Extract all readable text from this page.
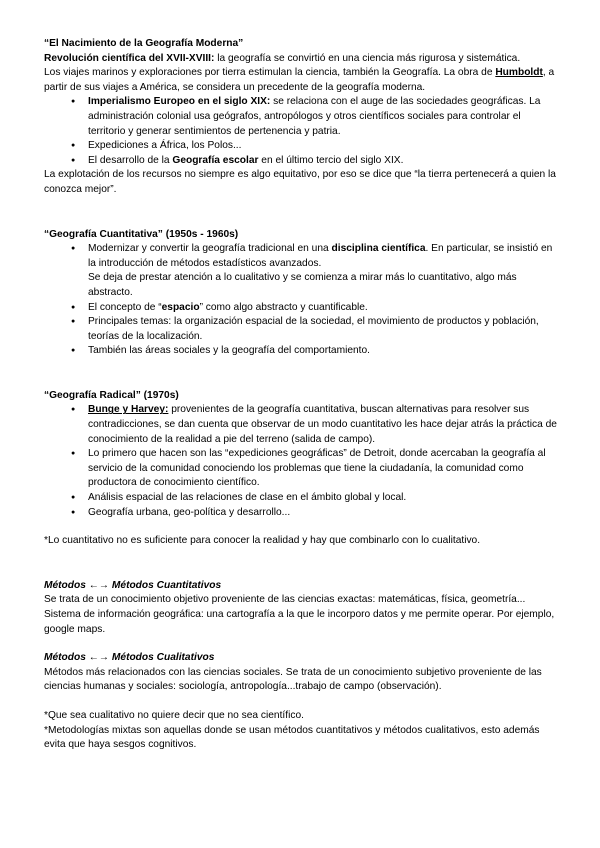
“El Nacimiento de la Geografía Moderna”

Revolución científica del XVII-XVIII: la geografía se convirtió en una ciencia más rigurosa y sistemática.

Los viajes marinos y exploraciones por tierra estimulan la ciencia, también la Geografía. La obra de Humboldt, a partir de sus viajes a América, se considera un precedente de la geografía moderna.

● Imperialismo Europeo en el siglo XIX: se relaciona con el auge de las sociedades geográficas. La administración colonial usa geógrafos, antropólogos y otros científicos sociales para controlar el territorio y generar sentimientos de pertenencia y patria.
● Expediciones a África, los Polos...
● El desarrollo de la Geografía escolar en el último tercio del siglo XIX.

La explotación de los recursos no siempre es algo equitativo, por eso se dice que “la tierra pertenecerá a quien la conozca mejor”.

“Geografía Cuantitativa” (1950s - 1960s)

● Modernizar y convertir la geografía tradicional en una disciplina científica. En particular, se insistió en la introducción de métodos estadísticos avanzados.

Se deja de prestar atención a lo cualitativo y se comienza a mirar más lo cuantitativo, algo más abstracto.

● El concepto de “espacio” como algo abstracto y cuantificable.
● Principales temas: la organización espacial de la sociedad, el movimiento de productos y población, teorías de la localización.
● También las áreas sociales y la geografía del comportamiento.

“Geografía Radical” (1970s)

● Bunge y Harvey: provenientes de la geografía cuantitativa, buscan alternativas para resolver sus contradicciones, se dan cuenta que observar de un modo cuantitativo les hace dejar atrás la práctica de conocimiento de la realidad a pie del terreno (salida de campo).
● Lo primero que hacen son las “expediciones geográficas” de Detroit, donde acercaban la geografía al servicio de la comunidad conociendo los problemas que tiene la ciudadanía, la comunidad como productora de conocimiento científico.
● Análisis espacial de las relaciones de clase en el ámbito global y local.
● Geografía urbana, geo-política y desarrollo...

*Lo cuantitativo no es suficiente para conocer la realidad y hay que combinarlo con lo cualitativo.

Métodos ←→ Métodos Cuantitativos

Se trata de un conocimiento objetivo proveniente de las ciencias exactas: matemáticas, física, geometría...

Sistema de información geográfica: una cartografía a la que le incorporo datos y me permite operar. Por ejemplo, google maps.

Métodos ←→ Métodos Cualitativos

Métodos más relacionados con las ciencias sociales. Se trata de un conocimiento subjetivo proveniente de las ciencias humanas y sociales: sociología, antropología...trabajo de campo (observación).

*Que sea cualitativo no quiere decir que no sea científico.

*Metodologías mixtas son aquellas donde se usan métodos cuantitativos y métodos cualitativos, esto además evita que haya sesgos cognitivos.
